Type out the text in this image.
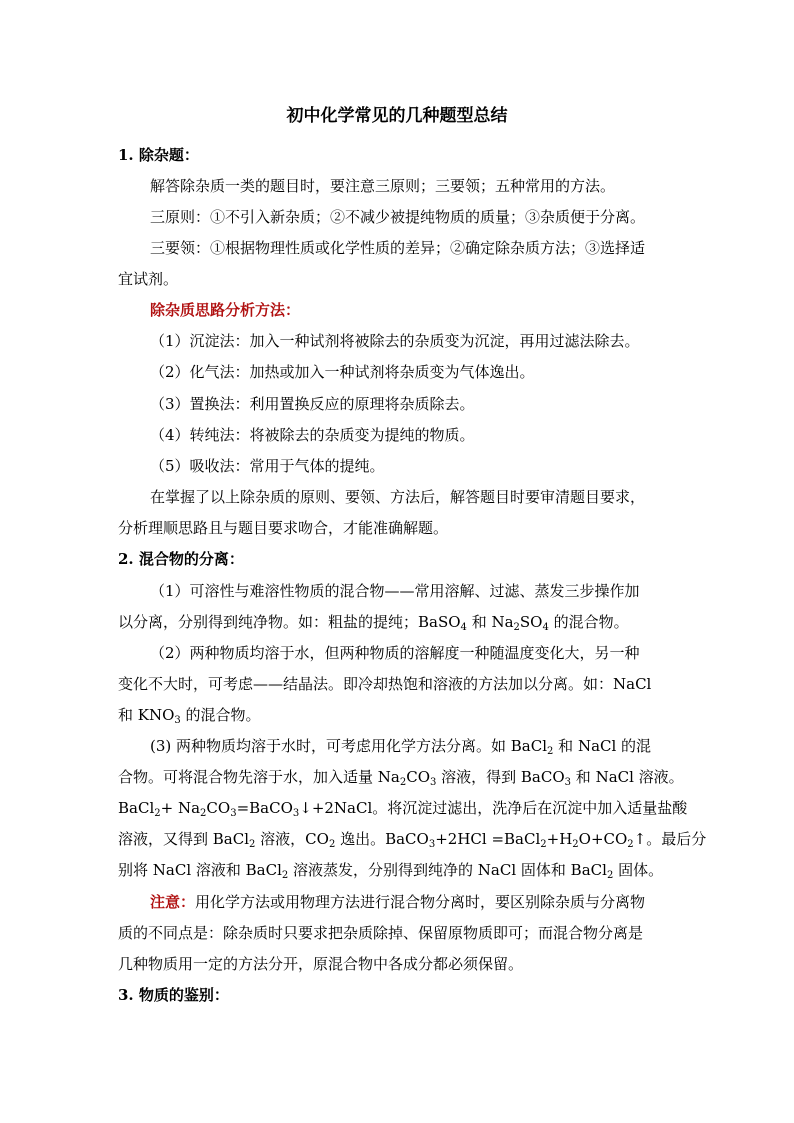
初中化学常见的几种题型总结
1. 除杂题：
解答除杂质一类的题目时，要注意三原则；三要领；五种常用的方法。
三原则：①不引入新杂质；②不减少被提纯物质的质量；③杂质便于分离。
三要领：①根据物理性质或化学性质的差异；②确定除杂质方法；③选择适
宜试剂。
除杂质思路分析方法：
（1）沉淀法：加入一种试剂将被除去的杂质变为沉淀，再用过滤法除去。
（2）化气法：加热或加入一种试剂将杂质变为气体逸出。
（3）置换法：利用置换反应的原理将杂质除去。
（4）转纯法：将被除去的杂质变为提纯的物质。
（5）吸收法：常用于气体的提纯。
在掌握了以上除杂质的原则、要领、方法后，解答题目时要审清题目要求，
分析理顺思路且与题目要求吻合，才能准确解题。
2. 混合物的分离：
（1）可溶性与难溶性物质的混合物——常用溶解、过滤、蒸发三步操作加
以分离，分别得到纯净物。如：粗盐的提纯；BaSO$_4$ 和 $Na_2SO_4$ 的混合物。
（2）两种物质均溶于水，但两种物质的溶解度一种随温度变化大，另一种
变化不大时，可考虑——结晶法。即冷却热饱和溶液的方法加以分离。如：NaCl
和 $KNO_3$ 的混合物。
(3) 两种物质均溶于水时，可考虑用化学方法分离。如 BaCl$_2$ 和 NaCl 的混
合物。可将混合物先溶于水，加入适量 $Na_2CO_3$ 溶液，得到 BaCO$_3$ 和 NaCl 溶液。
BaCl$_2$+ $Na_2CO_3=BaCO_3↓+2NaCl$。将沉淀过滤出，洗净后在沉淀中加入适量盐酸
溶液，又得到 BaCl$_2$ 溶液，$CO_2$ 逸出。BaCO$_3$+2HCl $=BaCl_2+H_2O+CO_2↑$。最后分
别将 NaCl 溶液和 BaCl$_2$ 溶液蒸发，分别得到纯净的 NaCl 固体和 BaCl$_2$ 固体。
注意：用化学方法或用物理方法进行混合物分离时，要区别除杂质与分离物
质的不同点是：除杂质时只要求把杂质除掉、保留原物质即可；而混合物分离是
几种物质用一定的方法分开，原混合物中各成分都必须保留。
3. 物质的鉴别：
